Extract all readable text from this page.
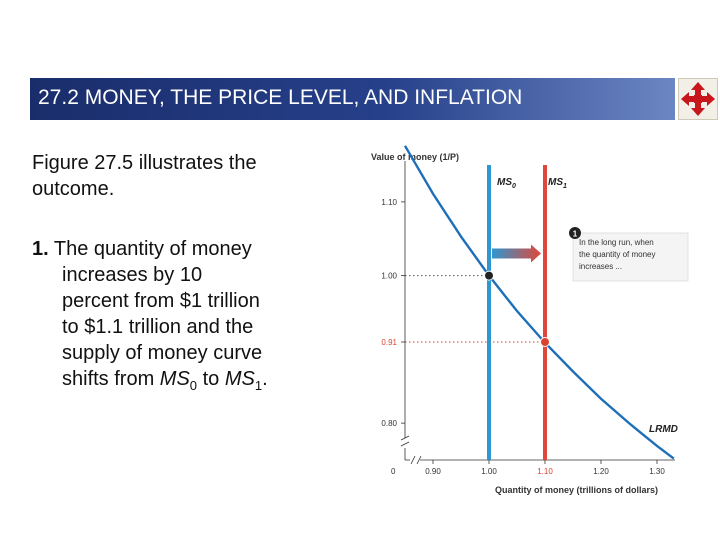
27.2 MONEY, THE PRICE LEVEL, AND INFLATION
Figure 27.5 illustrates the outcome.
1. The quantity of money
increases by 10
percent from $1 trillion
to $1.1 trillion and the
supply of money curve
shifts from $MS_0$ to $MS_1$.
Value of money (1/P)
Quantity of money (trillions of dollars)
0	0.90	1.00	1.10	1.20	1.30
0.80
0.91
1.00
1.10
$MS_0$	$MS_1$
LRMD
1
In the long run, when
the quantity of money
increases ...
